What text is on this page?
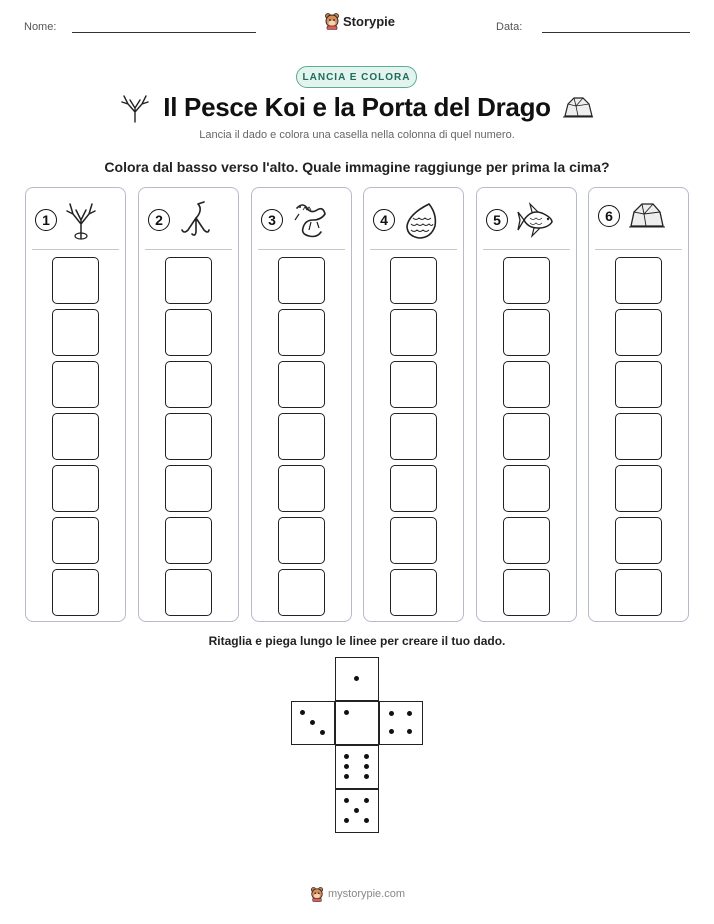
Nome:	Storypie	Data:
LANCIA E COLORA
Il Pesce Koi e la Porta del Drago
Lancia il dado e colora una casella nella colonna di quel numero.
Colora dal basso verso l'alto. Quale immagine raggiunge per prima la cima?
1	2	3	4	5	6
Ritaglia e piega lungo le linee per creare il tuo dado.
mystorypie.com
